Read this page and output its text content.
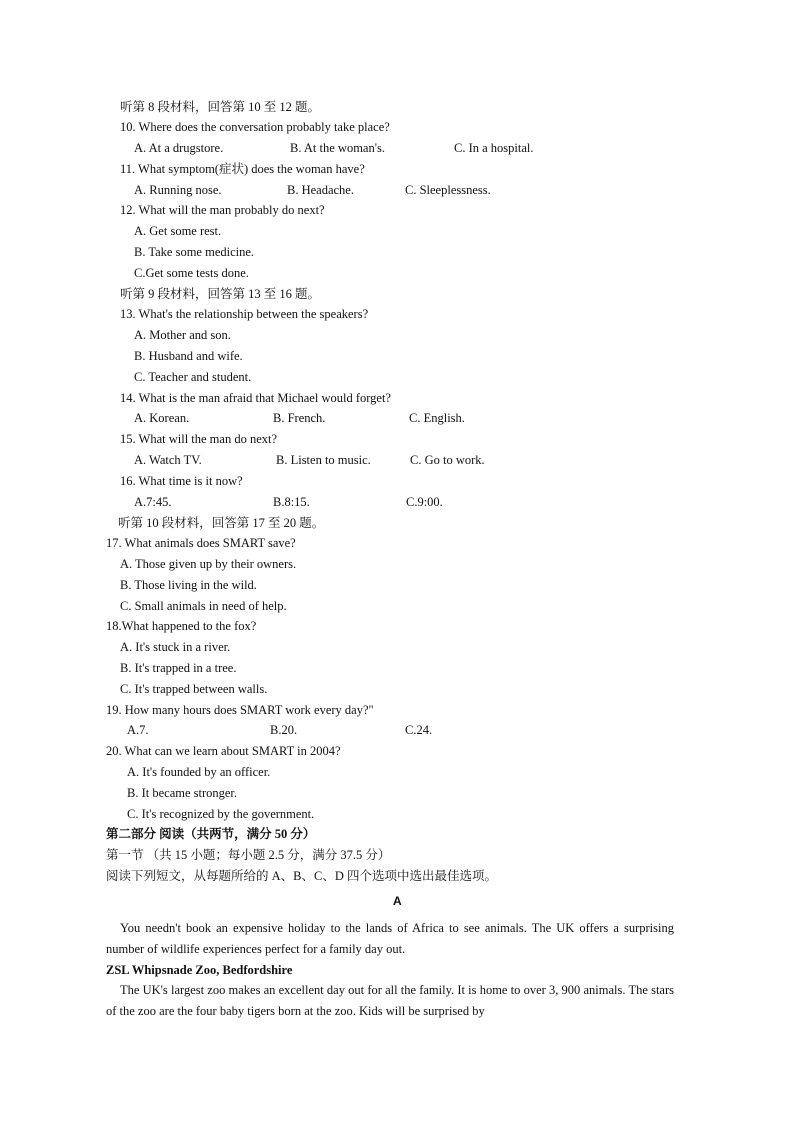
听第 8 段材料，回答第 10 至 12 题。
10. Where does the conversation probably take place?
A. At a drugstore.	B. At the woman's.	C. In a hospital.
11. What symptom(症状) does the woman have?
A. Running nose.	B. Headache.	C. Sleeplessness.
12. What will the man probably do next?
A. Get some rest.
B. Take some medicine.
C.Get some tests done.
听第 9 段材料，回答第 13 至 16 题。
13. What's the relationship between the speakers?
A. Mother and son.
B. Husband and wife.
C. Teacher and student.
14. What is the man afraid that Michael would forget?
A. Korean.	B. French.	C. English.
15. What will the man do next?
A. Watch TV.	B. Listen to music.	C. Go to work.
16. What time is it now?
A.7:45.	B.8:15.	C.9:00.
听第 10 段材料，回答第 17 至 20 题。
17. What animals does SMART save?
A. Those given up by their owners.
B. Those living in the wild.
C. Small animals in need of help.
18.What happened to the fox?
A. It's stuck in a river.
B. It's trapped in a tree.
C. It's trapped between walls.
19. How many hours does SMART work every day?"
A.7.	B.20.	C.24.
20. What can we learn about SMART in 2004?
A. It's founded by an officer.
B. It became stronger.
C. It's recognized by the government.
第二部分 阅读（共两节，满分 50 分）
第一节 （共 15 小题；每小题 2.5 分，满分 37.5 分）
阅读下列短文，从每题所给的 A、B、C、D 四个选项中选出最佳选项。
A
You needn't book an expensive holiday to the lands of Africa to see animals. The UK offers a surprising number of wildlife experiences perfect for a family day out.
ZSL Whipsnade Zoo, Bedfordshire
The UK's largest zoo makes an excellent day out for all the family. It is home to over 3, 900 animals. The stars of the zoo are the four baby tigers born at the zoo. Kids will be surprised by
